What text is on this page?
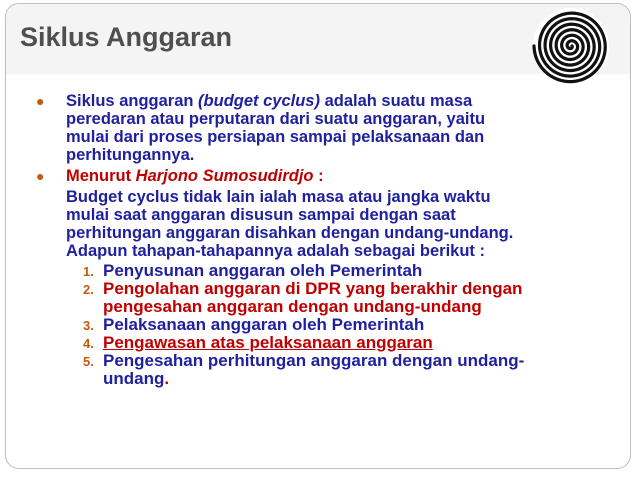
Siklus Anggaran
● Siklus anggaran (budget cyclus) adalah suatu masa
peredaran atau perputaran dari suatu anggaran, yaitu
mulai dari proses persiapan sampai pelaksanaan dan
perhitungannya.
● Menurut Harjono Sumosudirdjo :
Budget cyclus tidak lain ialah masa atau jangka waktu
mulai saat anggaran disusun sampai dengan saat
perhitungan anggaran disahkan dengan undang-undang.
Adapun tahapan-tahapannya adalah sebagai berikut :
1. Penyusunan anggaran oleh Pemerintah
2. Pengolahan anggaran di DPR yang berakhir dengan
pengesahan anggaran dengan undang-undang
3. Pelaksanaan anggaran oleh Pemerintah
4. Pengawasan atas pelaksanaan anggaran
5. Pengesahan perhitungan anggaran dengan undang-
undang.
